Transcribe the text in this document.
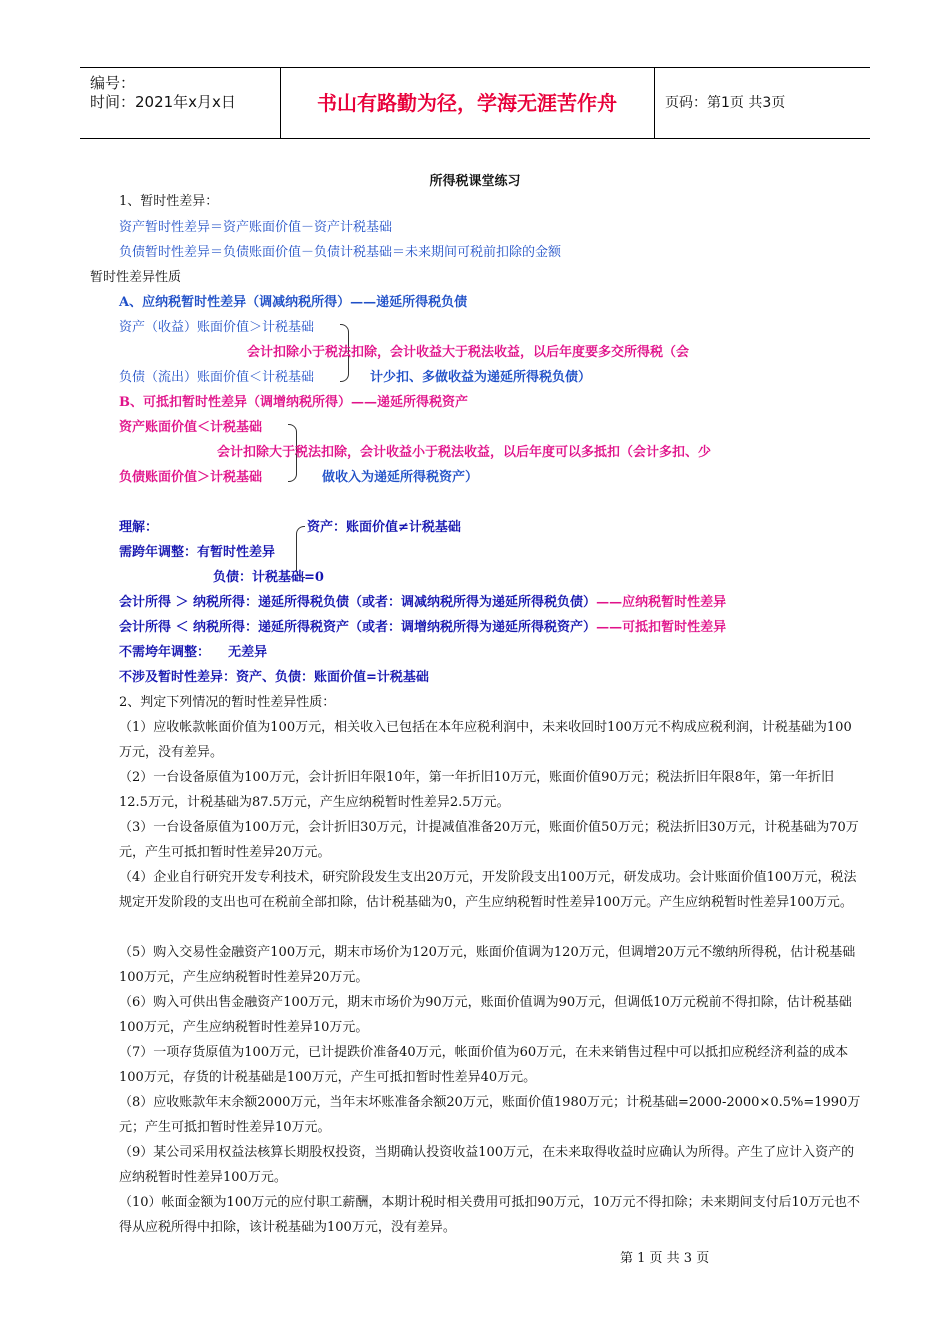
编号：
时间：2021年x月x日	书山有路勤为径，学海无涯苦作舟	页码：第1页 共3页
所得税课堂练习
1、暂时性差异：
资产暂时性差异＝资产账面价值－资产计税基础
负债暂时性差异＝负债账面价值－负债计税基础＝未来期间可税前扣除的金额
暂时性差异性质
A、应纳税暂时性差异（调减纳税所得）——递延所得税负债
资产（收益）账面价值＞计税基础
会计扣除小于税法扣除，会计收益大于税法收益，以后年度要多交所得税（会
负债（流出）账面价值＜计税基础	计少扣、多做收益为递延所得税负债）
B、可抵扣暂时性差异（调增纳税所得）——递延所得税资产
资产账面价值＜计税基础
会计扣除大于税法扣除，会计收益小于税法收益，以后年度可以多抵扣（会计多扣、少
负债账面价值＞计税基础	做收入为递延所得税资产）
理解：	资产：账面价值≠计税基础
需跨年调整：有暂时性差异
负债：计税基础=0
会计所得 ＞ 纳税所得：递延所得税负债（或者：调减纳税所得为递延所得税负债）——应纳税暂时性差异
会计所得 ＜ 纳税所得：递延所得税资产（或者：调增纳税所得为递延所得税资产）——可抵扣暂时性差异
不需垮年调整：    无差异
不涉及暂时性差异：资产、负债：账面价值=计税基础
2、判定下列情况的暂时性差异性质：
（1）应收帐款帐面价值为100万元，相关收入已包括在本年应税利润中，未来收回时100万元不构成应税利润，计税基础为100万元，没有差异。
（2）一台设备原值为100万元，会计折旧年限10年，第一年折旧10万元，账面价值90万元；税法折旧年限8年，第一年折旧12.5万元，计税基础为87.5万元，产生应纳税暂时性差异2.5万元。
（3）一台设备原值为100万元，会计折旧30万元，计提减值准备20万元，账面价值50万元；税法折旧30万元，计税基础为70万元，产生可抵扣暂时性差异20万元。
（4）企业自行研究开发专利技术，研究阶段发生支出20万元，开发阶段支出100万元，研发成功。会计账面价值100万元，税法规定开发阶段的支出也可在税前全部扣除，估计税基础为0，产生应纳税暂时性差异100万元。产生应纳税暂时性差异100万元。
（5）购入交易性金融资产100万元，期末市场价为120万元，账面价值调为120万元，但调增20万元不缴纳所得税，估计税基础100万元，产生应纳税暂时性差异20万元。
（6）购入可供出售金融资产100万元，期末市场价为90万元，账面价值调为90万元，但调低10万元税前不得扣除，估计税基础100万元，产生应纳税暂时性差异10万元。
（7）一项存货原值为100万元，已计提跌价准备40万元，帐面价值为60万元，在未来销售过程中可以抵扣应税经济利益的成本100万元，存货的计税基础是100万元，产生可抵扣暂时性差异40万元。
（8）应收账款年末余额2000万元，当年末坏账准备余额20万元，账面价值1980万元；计税基础=2000-2000×0.5%=1990万元；产生可抵扣暂时性差异10万元。
（9）某公司采用权益法核算长期股权投资，当期确认投资收益100万元，在未来取得收益时应确认为所得。产生了应计入资产的应纳税暂时性差异100万元。
（10）帐面金额为100万元的应付职工薪酬，本期计税时相关费用可抵扣90万元，10万元不得扣除；未来期间支付后10万元也不得从应税所得中扣除，该计税基础为100万元，没有差异。
第 1 页 共 3 页
